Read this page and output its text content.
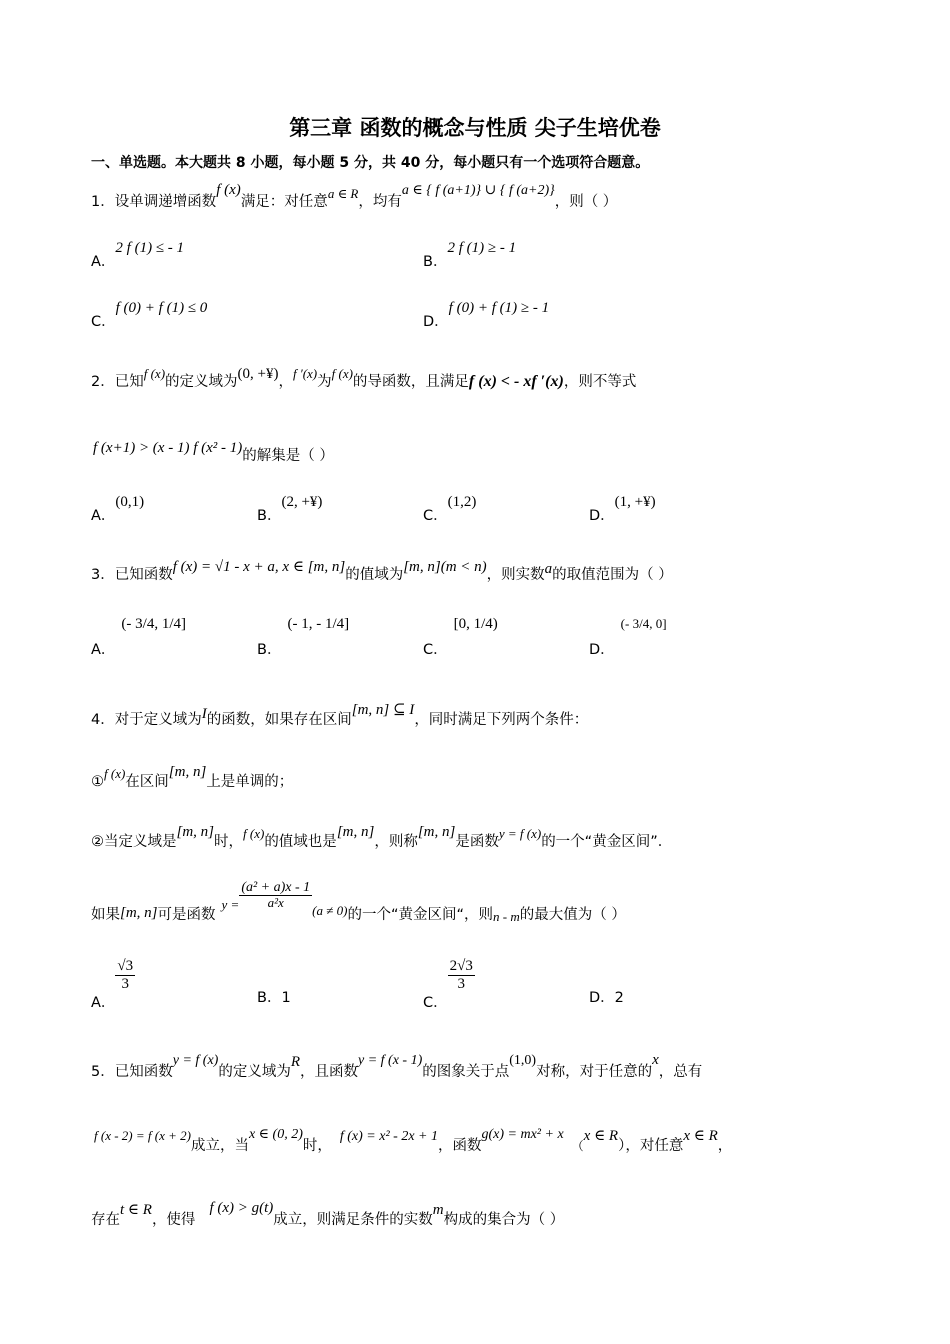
第三章 函数的概念与性质 尖子生培优卷
一、单选题。本大题共 8 小题，每小题 5 分，共 40 分，每小题只有一个选项符合题意。
1．设单调递增函数f (x)满足：对任意a ∈ R，均有a ∈ { f (a+1)} ∪ { f (a+2)}，则（ ）
A．2 f (1) ≤ - 1
B．2 f (1) ≥ - 1
C．f (0) + f (1) ≤ 0
D．f (0) + f (1) ≥ - 1
2．已知f (x)的定义域为(0, +¥)，f ′(x)为f (x)的导函数，且满足f (x) < - xf ′(x)，则不等式
f (x+1) > (x - 1) f (x² - 1)的解集是（ ）
A．(0,1)
B．(2, +¥)
C．(1,2)
D．(1, +¥)
3．已知函数f (x) = √1 - x + a, x ∈ [m, n]的值域为[m, n](m < n)，则实数a的取值范围为（ ）
A．(- 3/4, 1/4]
B．(- 1, - 1/4]
C．[0, 1/4)
D．(- 3/4, 0]
4．对于定义域为I的函数，如果存在区间[m, n] ⊆ I，同时满足下列两个条件：
①f (x)在区间[m, n]上是单调的；
②当定义域是[m, n]时，f (x)的值域也是[m, n]，则称[m, n]是函数y = f (x)的一个“黄金区间”．
如果[m, n]可是函数$y = \frac{\text{(a² + a)x - 1}}{\text{a²x}}$
(a ≠ 0)的一个“黄金区间“，则n - m的最大值为（ ）
A．
$\frac{√3}{3}$
B．1	C．
$\frac{2√3}{3}$
D．2
5．已知函数y = f (x)的定义域为R，且函数y = f (x - 1)的图象关于点(1,0)对称，对于任意的x，总有
f (x - 2) = f (x + 2)成立，当x ∈ (0, 2)时，f (x) = x² - 2x + 1，函数g(x) = mx² + x（x ∈ R），对任意x ∈ R，
存在t ∈ R，使得f (x) > g(t)成立，则满足条件的实数m构成的集合为（ ）
